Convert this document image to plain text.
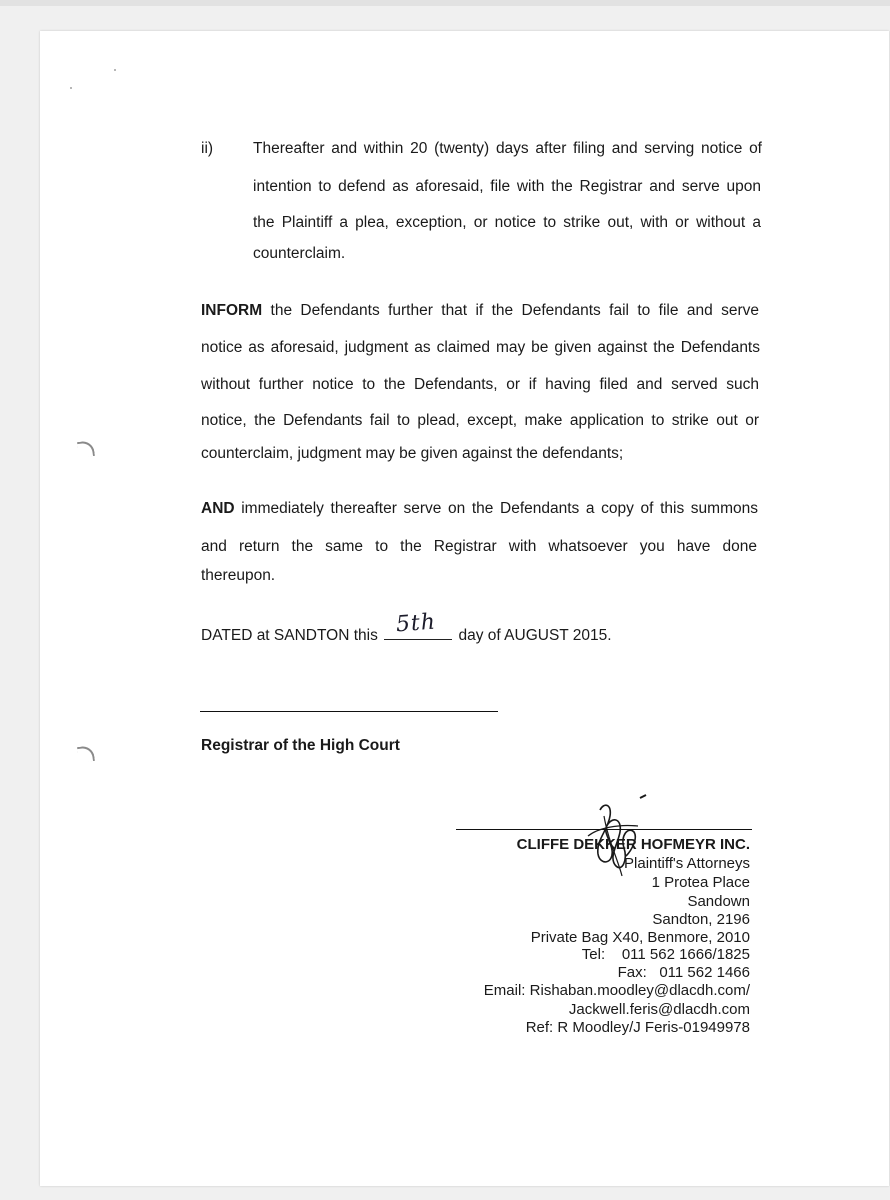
ii)	Thereafter and within 20 (twenty) days after filing and serving notice of
intention to defend as aforesaid, file with the Registrar and serve upon
the Plaintiff a plea, exception, or notice to strike out, with or without a
counterclaim.
INFORM the Defendants further that if the Defendants fail to file and serve
notice as aforesaid, judgment as claimed may be given against the Defendants
without further notice to the Defendants, or if having filed and served such
notice, the Defendants fail to plead, except, make application to strike out or
counterclaim, judgment may be given against the defendants;
AND immediately thereafter serve on the Defendants a copy of this summons
and return the same to the Registrar with whatsoever you have done
thereupon.
DATED at SANDTON this 5th day of AUGUST 2015.
Registrar of the High Court
CLIFFE DEKKER HOFMEYR INC.
Plaintiff's Attorneys
1 Protea Place
Sandown
Sandton, 2196
Private Bag X40, Benmore, 2010
Tel: 011 562 1666/1825
Fax: 011 562 1466
Email: Rishaban.moodley@dlacdh.com/
Jackwell.feris@dlacdh.com
Ref: R Moodley/J Feris-01949978
